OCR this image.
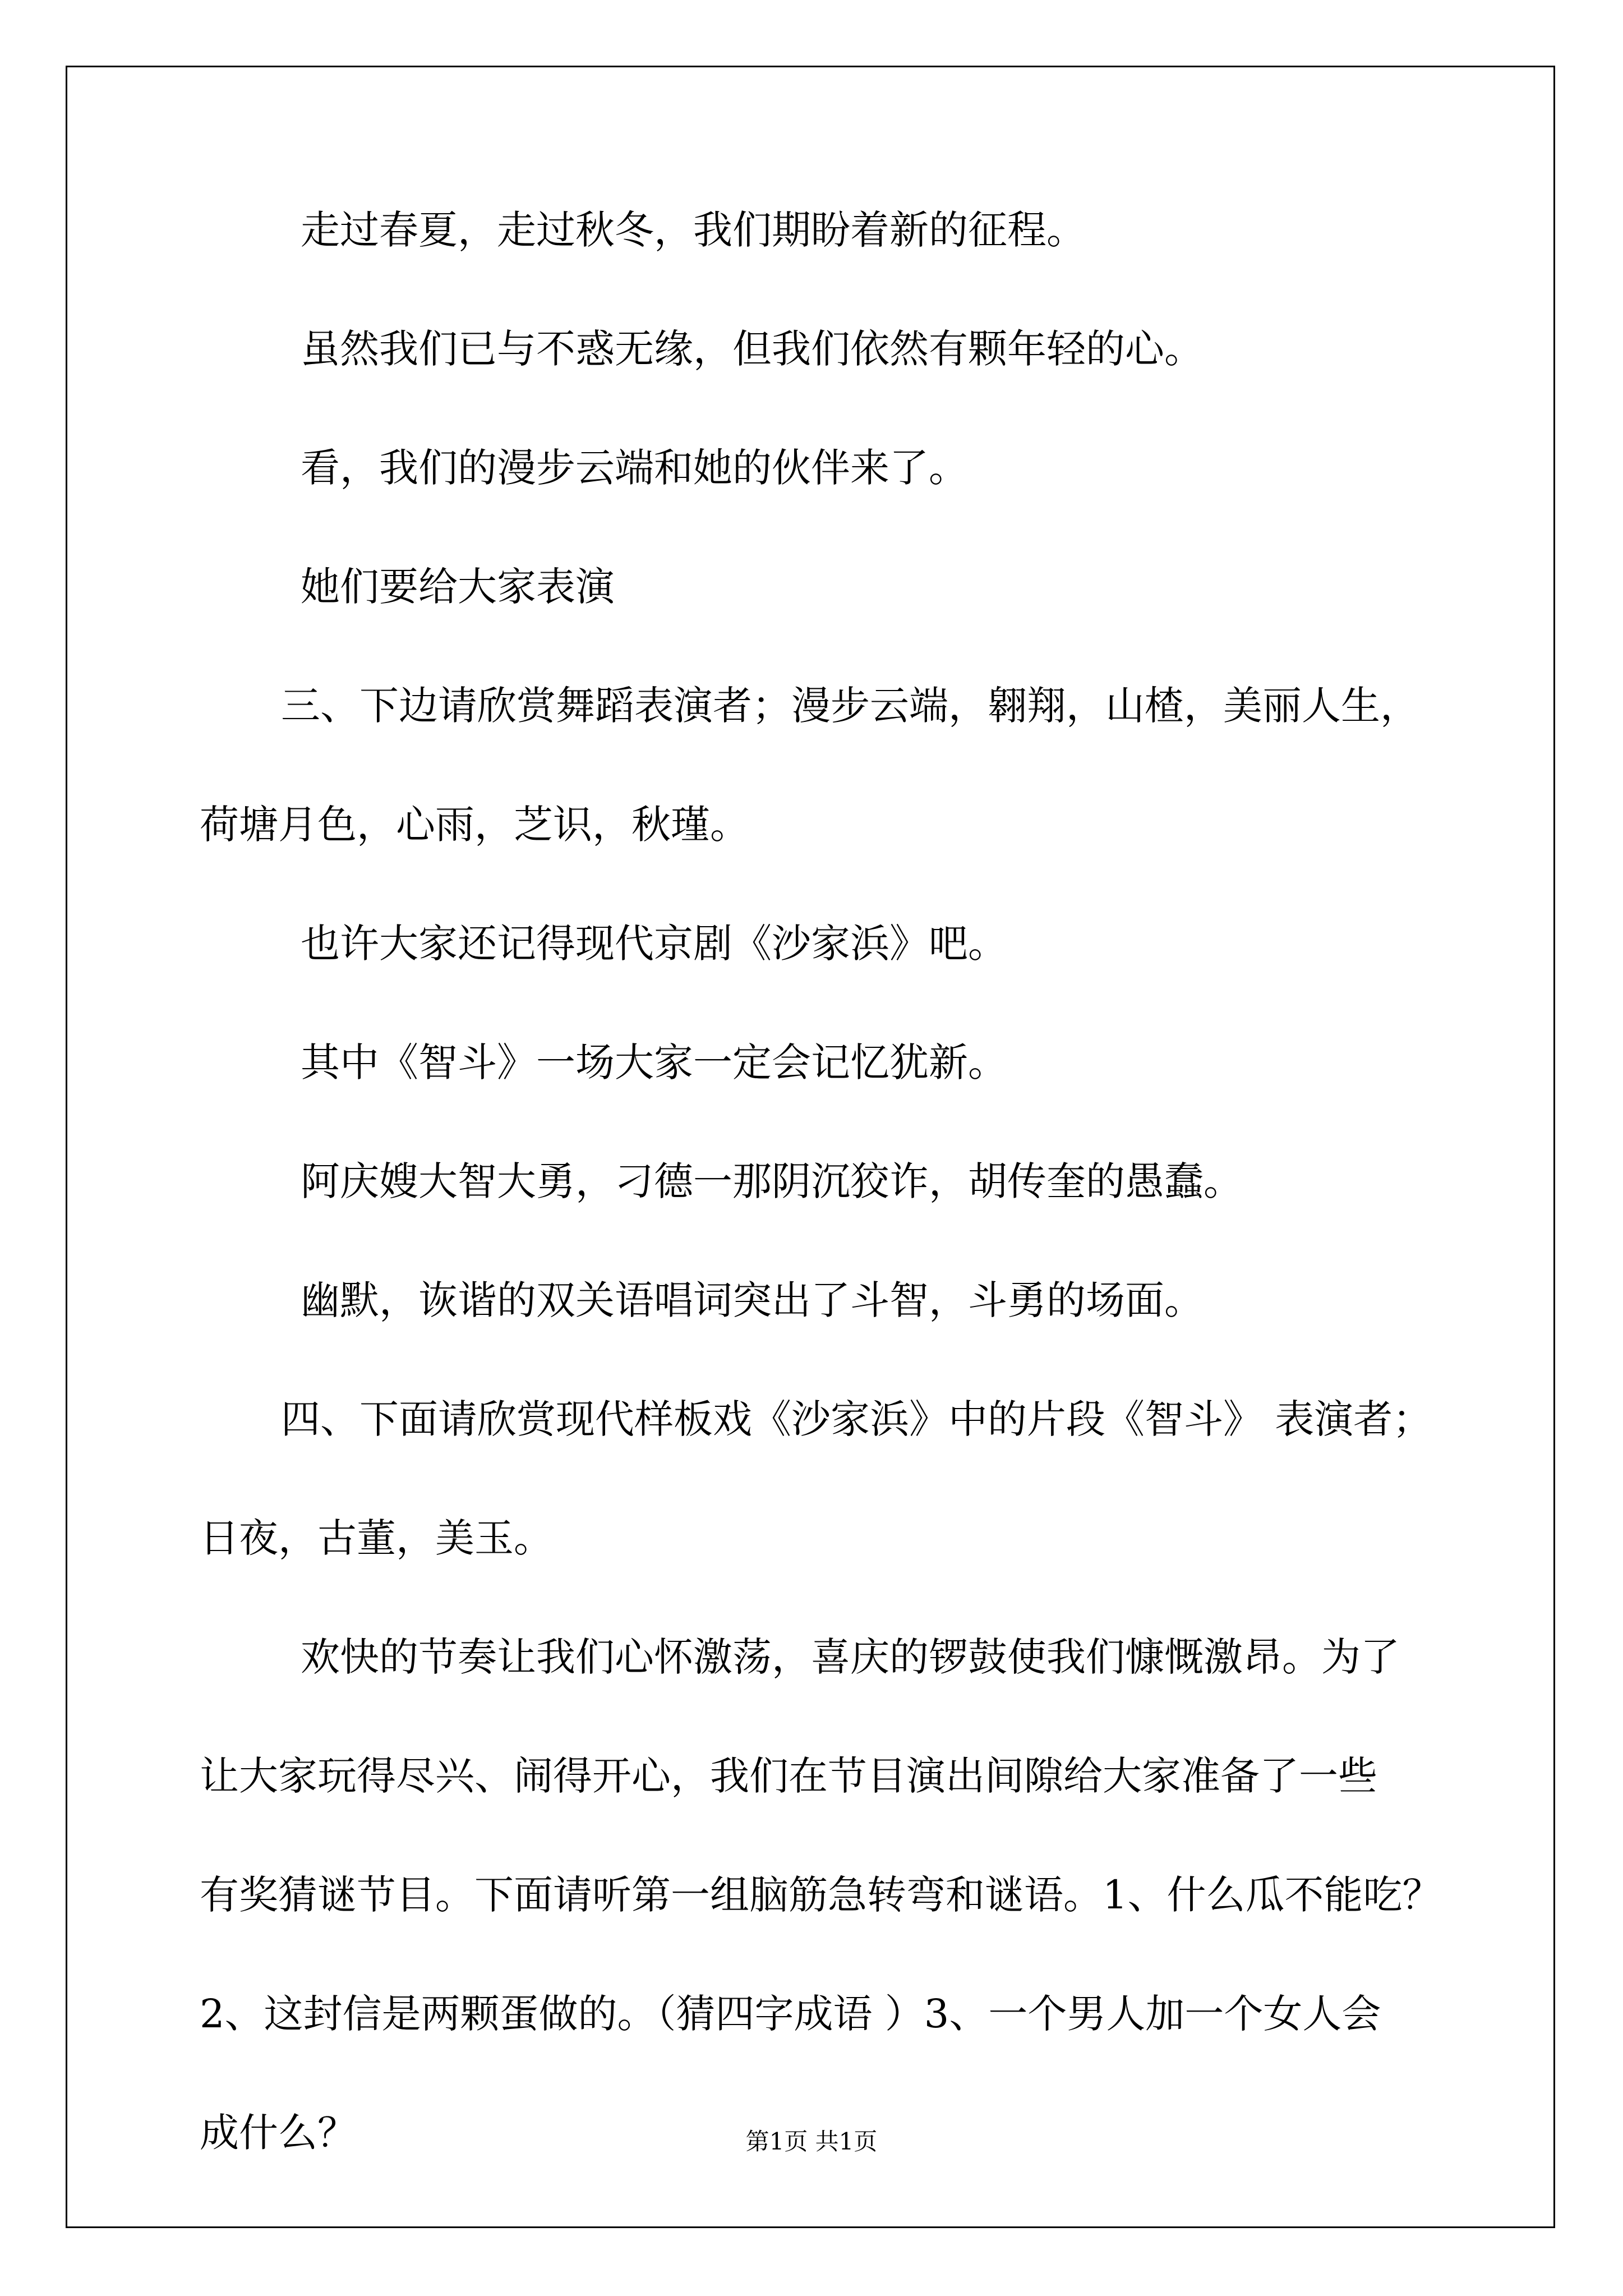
走过春夏，走过秋冬，我们期盼着新的征程。
虽然我们已与不惑无缘，但我们依然有颗年轻的心。
看，我们的漫步云端和她的伙伴来了。
她们要给大家表演
三、下边请欣赏舞蹈表演者；漫步云端，翱翔，山楂，美丽人生，
荷塘月色，心雨，芝识，秋瑾。
也许大家还记得现代京剧《沙家浜》吧。
其中《智斗》一场大家一定会记忆犹新。
阿庆嫂大智大勇，刁德一那阴沉狡诈，胡传奎的愚蠢。
幽默，诙谐的双关语唱词突出了斗智，斗勇的场面。
四、下面请欣赏现代样板戏《沙家浜》中的片段《智斗》 表演者；
日夜，古董，美玉。
欢快的节奏让我们心怀激荡，喜庆的锣鼓使我们慷慨激昂。为了
让大家玩得尽兴、闹得开心，我们在节目演出间隙给大家准备了一些
有奖猜谜节目。下面请听第一组脑筋急转弯和谜语。1、什么瓜不能吃？
2、这封信是两颗蛋做的。（猜四字成语 ）3、一个男人加一个女人会
成什么？	第1页 共1页
